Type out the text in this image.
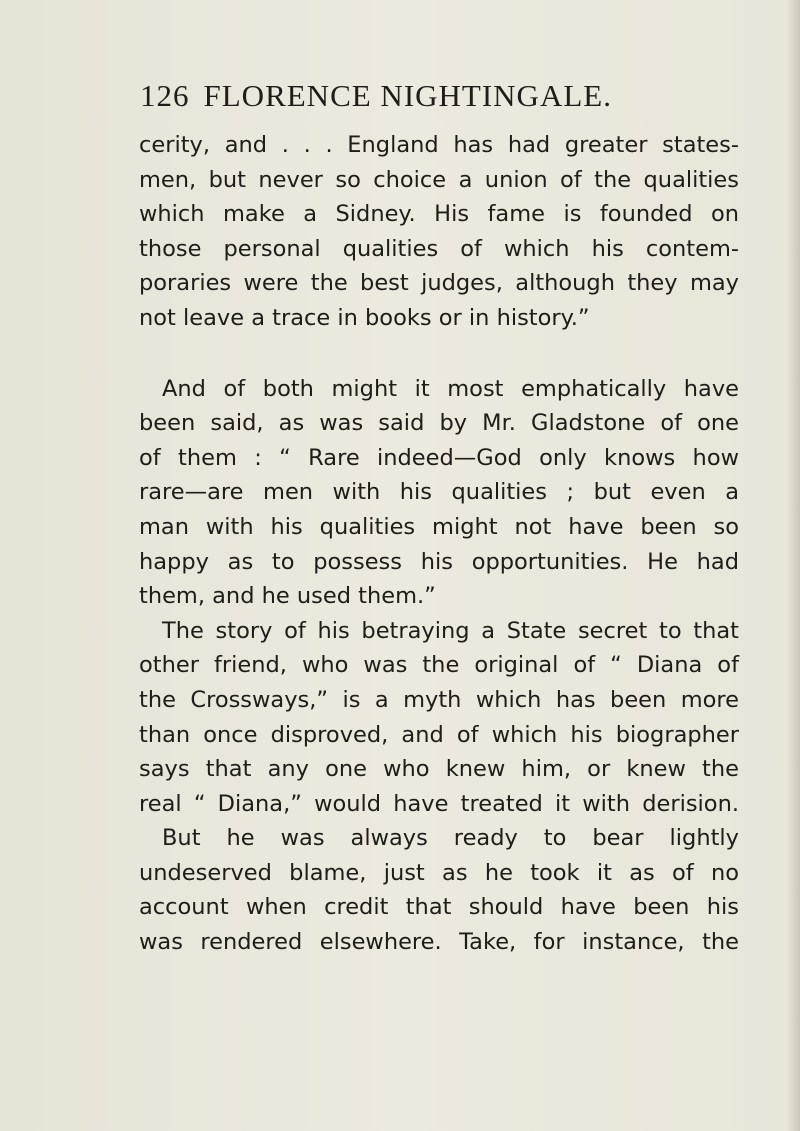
126 FLORENCE NIGHTINGALE.
cerity, and . . . England has had greater states-
men, but never so choice a union of the qualities
which make a Sidney. His fame is founded on
those personal qualities of which his contem-
poraries were the best judges, although they may
not leave a trace in books or in history.”
And of both might it most emphatically have
been said, as was said by Mr. Gladstone of one
of them : “ Rare indeed—God only knows how
rare—are men with his qualities ; but even a
man with his qualities might not have been so
happy as to possess his opportunities. He had
them, and he used them.”
The story of his betraying a State secret to that
other friend, who was the original of “ Diana of
the Crossways,” is a myth which has been more
than once disproved, and of which his biographer
says that any one who knew him, or knew the
real “ Diana,” would have treated it with derision.
But he was always ready to bear lightly
undeserved blame, just as he took it as of no
account when credit that should have been his
was rendered elsewhere. Take, for instance, the
